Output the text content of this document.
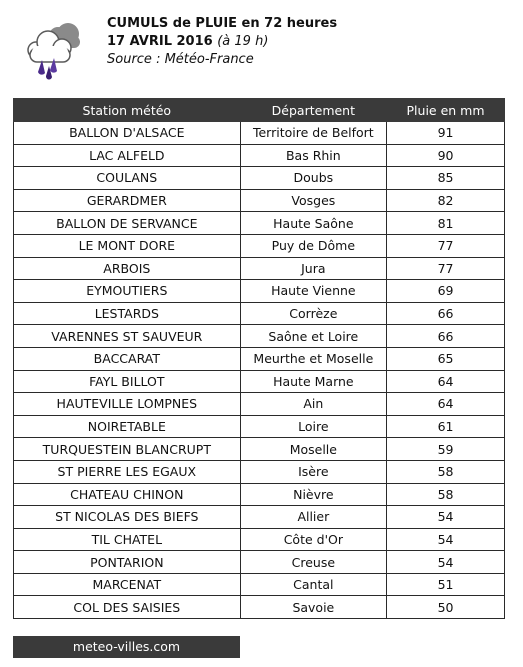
CUMULS de PLUIE en 72 heures
17 AVRIL 2016 (à 19 h)
Source : Météo-France
Station météo	Département	Pluie en mm
BALLON D'ALSACE	Territoire de Belfort	91
LAC ALFELD	Bas Rhin	90
COULANS	Doubs	85
GERARDMER	Vosges	82
BALLON DE SERVANCE	Haute Saône	81
LE MONT DORE	Puy de Dôme	77
ARBOIS	Jura	77
EYMOUTIERS	Haute Vienne	69
LESTARDS	Corrèze	66
VARENNES ST SAUVEUR	Saône et Loire	66
BACCARAT	Meurthe et Moselle	65
FAYL BILLOT	Haute Marne	64
HAUTEVILLE LOMPNES	Ain	64
NOIRETABLE	Loire	61
TURQUESTEIN BLANCRUPT	Moselle	59
ST PIERRE LES EGAUX	Isère	58
CHATEAU CHINON	Nièvre	58
ST NICOLAS DES BIEFS	Allier	54
TIL CHATEL	Côte d'Or	54
PONTARION	Creuse	54
MARCENAT	Cantal	51
COL DES SAISIES	Savoie	50
meteo-villes.com
